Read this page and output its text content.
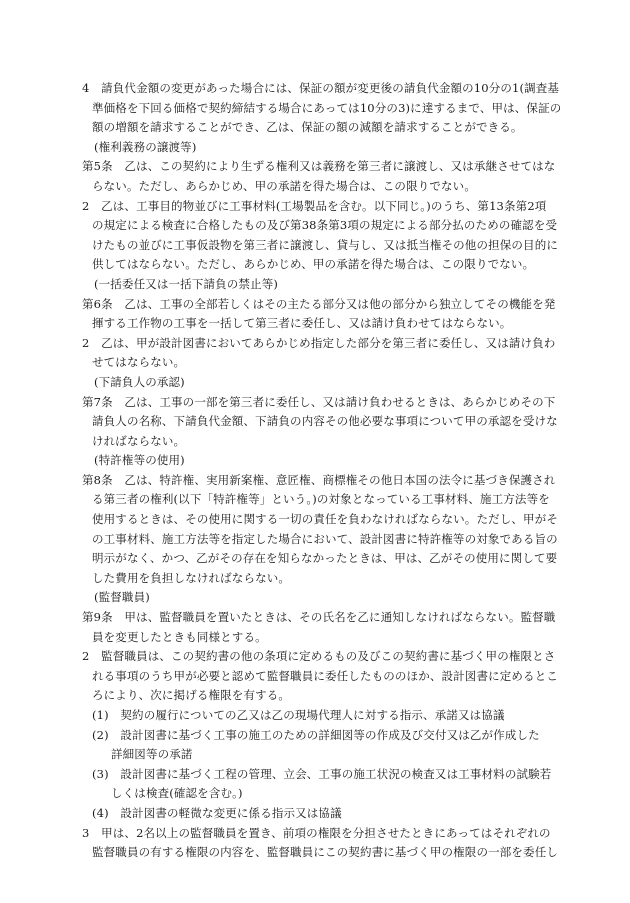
4　請負代金額の変更があった場合には、保証の額が変更後の請負代金額の10分の1(調査基
準価格を下回る価格で契約締結する場合にあっては10分の3)に達するまで、甲は、保証の
額の増額を請求することができ、乙は、保証の額の減額を請求することができる。
(権利義務の譲渡等)
第5条　乙は、この契約により生ずる権利又は義務を第三者に譲渡し、又は承継させてはな
らない。ただし、あらかじめ、甲の承諾を得た場合は、この限りでない。
2　乙は、工事目的物並びに工事材料(工場製品を含む。以下同じ。)のうち、第13条第2項
の規定による検査に合格したもの及び第38条第3項の規定による部分払のための確認を受
けたもの並びに工事仮設物を第三者に譲渡し、貸与し、又は抵当権その他の担保の目的に
供してはならない。ただし、あらかじめ、甲の承諾を得た場合は、この限りでない。
(一括委任又は一括下請負の禁止等)
第6条　乙は、工事の全部若しくはその主たる部分又は他の部分から独立してその機能を発
揮する工作物の工事を一括して第三者に委任し、又は請け負わせてはならない。
2　乙は、甲が設計図書においてあらかじめ指定した部分を第三者に委任し、又は請け負わ
せてはならない。
(下請負人の承認)
第7条　乙は、工事の一部を第三者に委任し、又は請け負わせるときは、あらかじめその下
請負人の名称、下請負代金額、下請負の内容その他必要な事項について甲の承認を受けな
ければならない。
(特許権等の使用)
第8条　乙は、特許権、実用新案権、意匠権、商標権その他日本国の法令に基づき保護され
る第三者の権利(以下「特許権等」という。)の対象となっている工事材料、施工方法等を
使用するときは、その使用に関する一切の責任を負わなければならない。ただし、甲がそ
の工事材料、施工方法等を指定した場合において、設計図書に特許権等の対象である旨の
明示がなく、かつ、乙がその存在を知らなかったときは、甲は、乙がその使用に関して要
した費用を負担しなければならない。
(監督職員)
第9条　甲は、監督職員を置いたときは、その氏名を乙に通知しなければならない。監督職
員を変更したときも同様とする。
2　監督職員は、この契約書の他の条項に定めるもの及びこの契約書に基づく甲の権限とさ
れる事項のうち甲が必要と認めて監督職員に委任したもののほか、設計図書に定めるとこ
ろにより、次に掲げる権限を有する。
(1)　契約の履行についての乙又は乙の現場代理人に対する指示、承諾又は協議
(2)　設計図書に基づく工事の施工のための詳細図等の作成及び交付又は乙が作成した
詳細図等の承諾
(3)　設計図書に基づく工程の管理、立会、工事の施工状況の検査又は工事材料の試験若
しくは検査(確認を含む。)
(4)　設計図書の軽微な変更に係る指示又は協議
3　甲は、2名以上の監督職員を置き、前項の権限を分担させたときにあってはそれぞれの
監督職員の有する権限の内容を、監督職員にこの契約書に基づく甲の権限の一部を委任し
